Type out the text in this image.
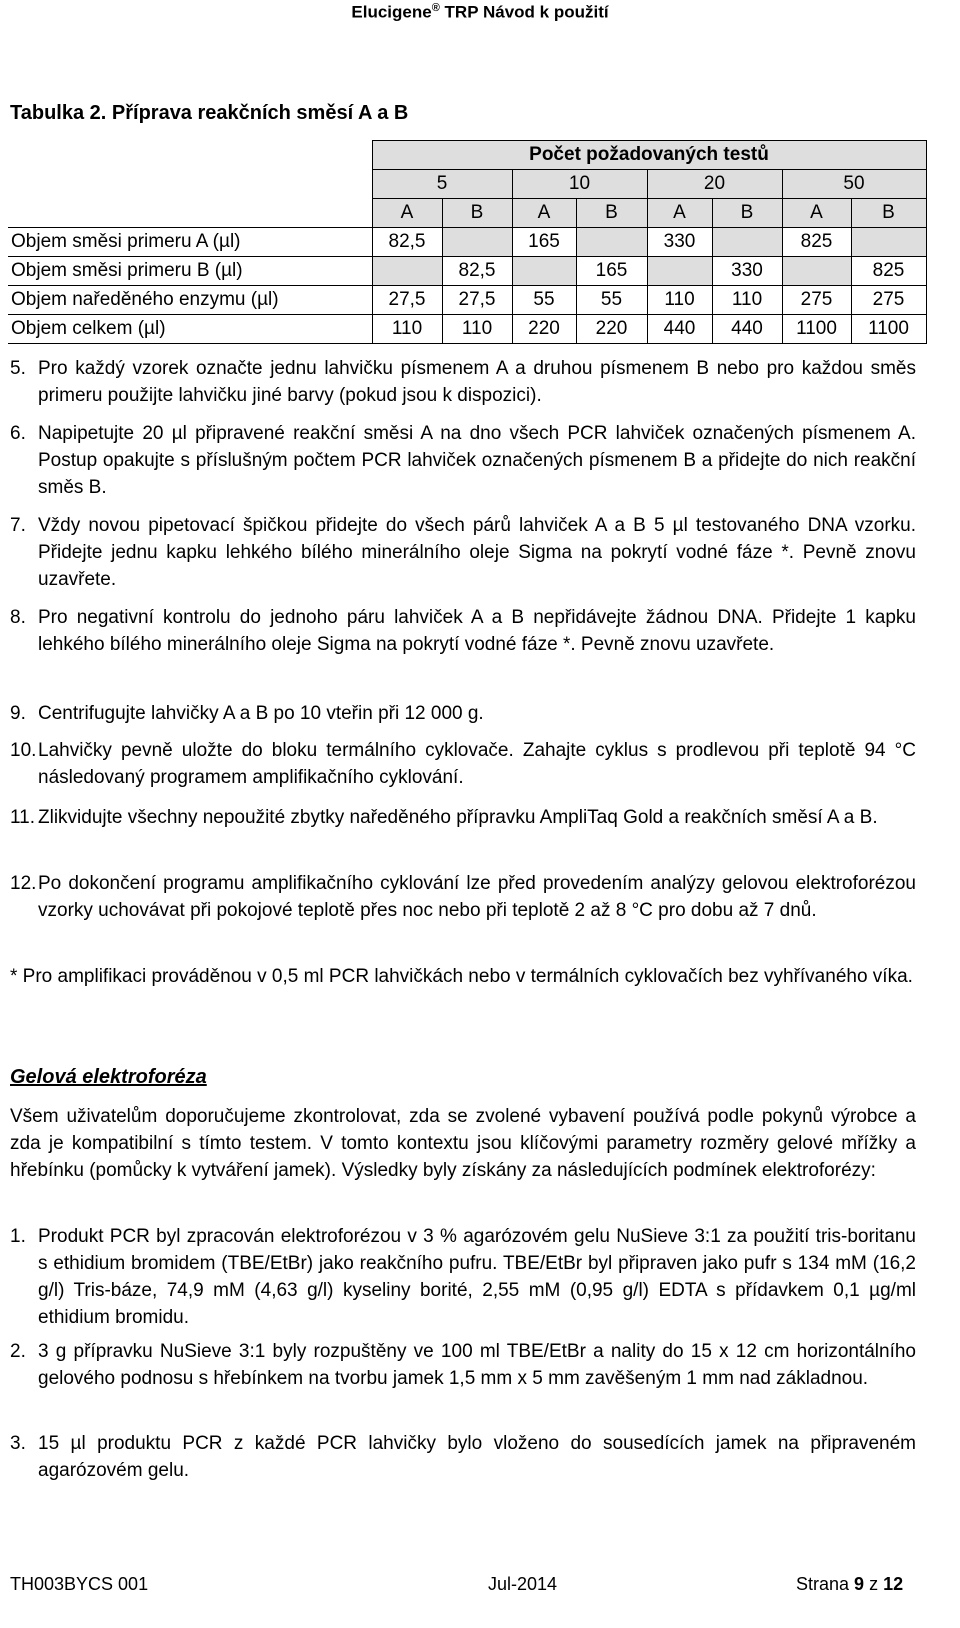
Elucigene® TRP Návod k použití
Tabulka 2. Příprava reakčních směsí A a B
	Počet požadovaných testů							
	5		10		20		50	
	A	B	A	B	A	B	A	B
Objem směsi primeru A (µl)	82,5		165		330		825	
Objem směsi primeru B (µl)		82,5		165		330		825
Objem naředěného enzymu (µl)	27,5	27,5	55	55	110	110	275	275
Objem celkem (µl)	110	110	220	220	440	440	1100	1100
5. Pro každý vzorek označte jednu lahvičku písmenem A a druhou písmenem B nebo pro každou směs primeru použijte lahvičku jiné barvy (pokud jsou k dispozici).
6. Napipetujte 20 µl připravené reakční směsi A na dno všech PCR lahviček označených písmenem A. Postup opakujte s příslušným počtem PCR lahviček označených písmenem B a přidejte do nich reakční směs B.
7. Vždy novou pipetovací špičkou přidejte do všech párů lahviček A a B 5 µl testovaného DNA vzorku. Přidejte jednu kapku lehkého bílého minerálního oleje Sigma na pokrytí vodné fáze *. Pevně znovu uzavřete.
8. Pro negativní kontrolu do jednoho páru lahviček A a B nepřidávejte žádnou DNA. Přidejte 1 kapku lehkého bílého minerálního oleje Sigma na pokrytí vodné fáze *. Pevně znovu uzavřete.
9. Centrifugujte lahvičky A a B po 10 vteřin při 12 000 g.
10. Lahvičky pevně uložte do bloku termálního cyklovače. Zahajte cyklus s prodlevou při teplotě 94 °C následovaný programem amplifikačního cyklování.
11. Zlikvidujte všechny nepoužité zbytky naředěného přípravku AmpliTaq Gold a reakčních směsí A a B.
12. Po dokončení programu amplifikačního cyklování lze před provedením analýzy gelovou elektroforézou vzorky uchovávat při pokojové teplotě přes noc nebo při teplotě 2 až 8 °C pro dobu až 7 dnů.
* Pro amplifikaci prováděnou v 0,5 ml PCR lahvičkách nebo v termálních cyklovačích bez vyhřívaného víka.
Gelová elektroforéza
Všem uživatelům doporučujeme zkontrolovat, zda se zvolené vybavení používá podle pokynů výrobce a zda je kompatibilní s tímto testem. V tomto kontextu jsou klíčovými parametry rozměry gelové mřížky a hřebínku (pomůcky k vytváření jamek). Výsledky byly získány za následujících podmínek elektroforézy:
1. Produkt PCR byl zpracován elektroforézou v 3 % agarózovém gelu NuSieve 3:1 za použití tris-boritanu s ethidium bromidem (TBE/EtBr) jako reakčního pufru. TBE/EtBr byl připraven jako pufr s 134 mM (16,2 g/l) Tris-báze, 74,9 mM (4,63 g/l) kyseliny borité, 2,55 mM (0,95 g/l) EDTA s přídavkem 0,1 µg/ml ethidium bromidu.
2. 3 g přípravku NuSieve 3:1 byly rozpuštěny ve 100 ml TBE/EtBr a nality do 15 x 12 cm horizontálního gelového podnosu s hřebínkem na tvorbu jamek 1,5 mm x 5 mm zavěšeným 1 mm nad základnou.
3. 15 µl produktu PCR z každé PCR lahvičky bylo vloženo do sousedících jamek na připraveném agarózovém gelu.
TH003BYCS 001	Jul-2014	Strana 9 z 12
